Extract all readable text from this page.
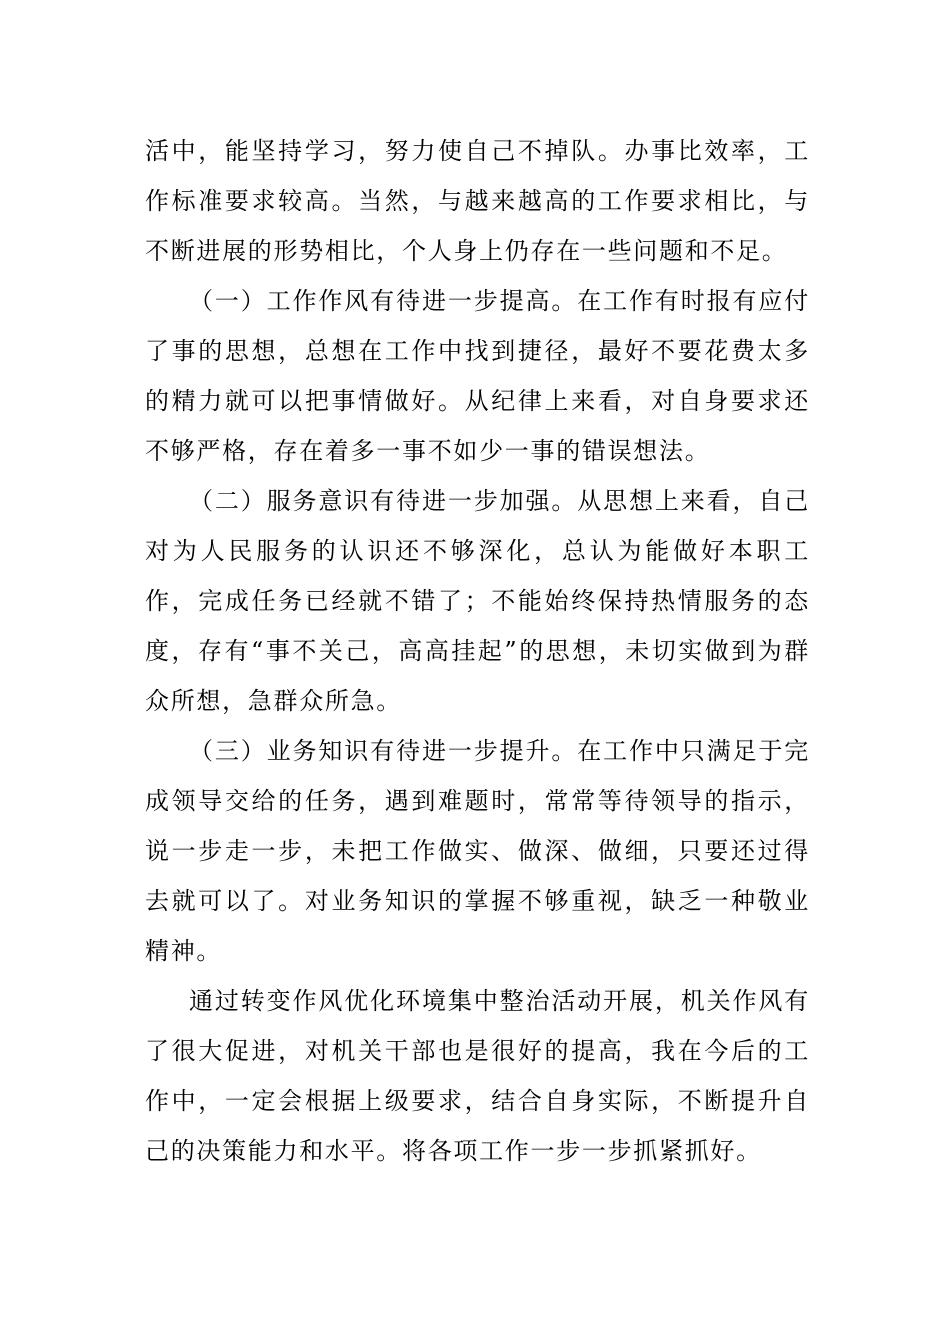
活中，能坚持学习，努力使自己不掉队。办事比效率，工作标准要求较高。当然，与越来越高的工作要求相比，与不断进展的形势相比，个人身上仍存在一些问题和不足。

（一）工作作风有待进一步提高。在工作有时报有应付了事的思想，总想在工作中找到捷径，最好不要花费太多的精力就可以把事情做好。从纪律上来看，对自身要求还不够严格，存在着多一事不如少一事的错误想法。

（二）服务意识有待进一步加强。从思想上来看，自己对为人民服务的认识还不够深化，总认为能做好本职工作，完成任务已经就不错了；不能始终保持热情服务的态度，存有“事不关己，高高挂起”的思想，未切实做到为群众所想，急群众所急。

（三）业务知识有待进一步提升。在工作中只满足于完成领导交给的任务，遇到难题时，常常等待领导的指示，说一步走一步，未把工作做实、做深、做细，只要还过得去就可以了。对业务知识的掌握不够重视，缺乏一种敬业精神。

通过转变作风优化环境集中整治活动开展，机关作风有了很大促进，对机关干部也是很好的提高，我在今后的工作中，一定会根据上级要求，结合自身实际，不断提升自己的决策能力和水平。将各项工作一步一步抓紧抓好。
